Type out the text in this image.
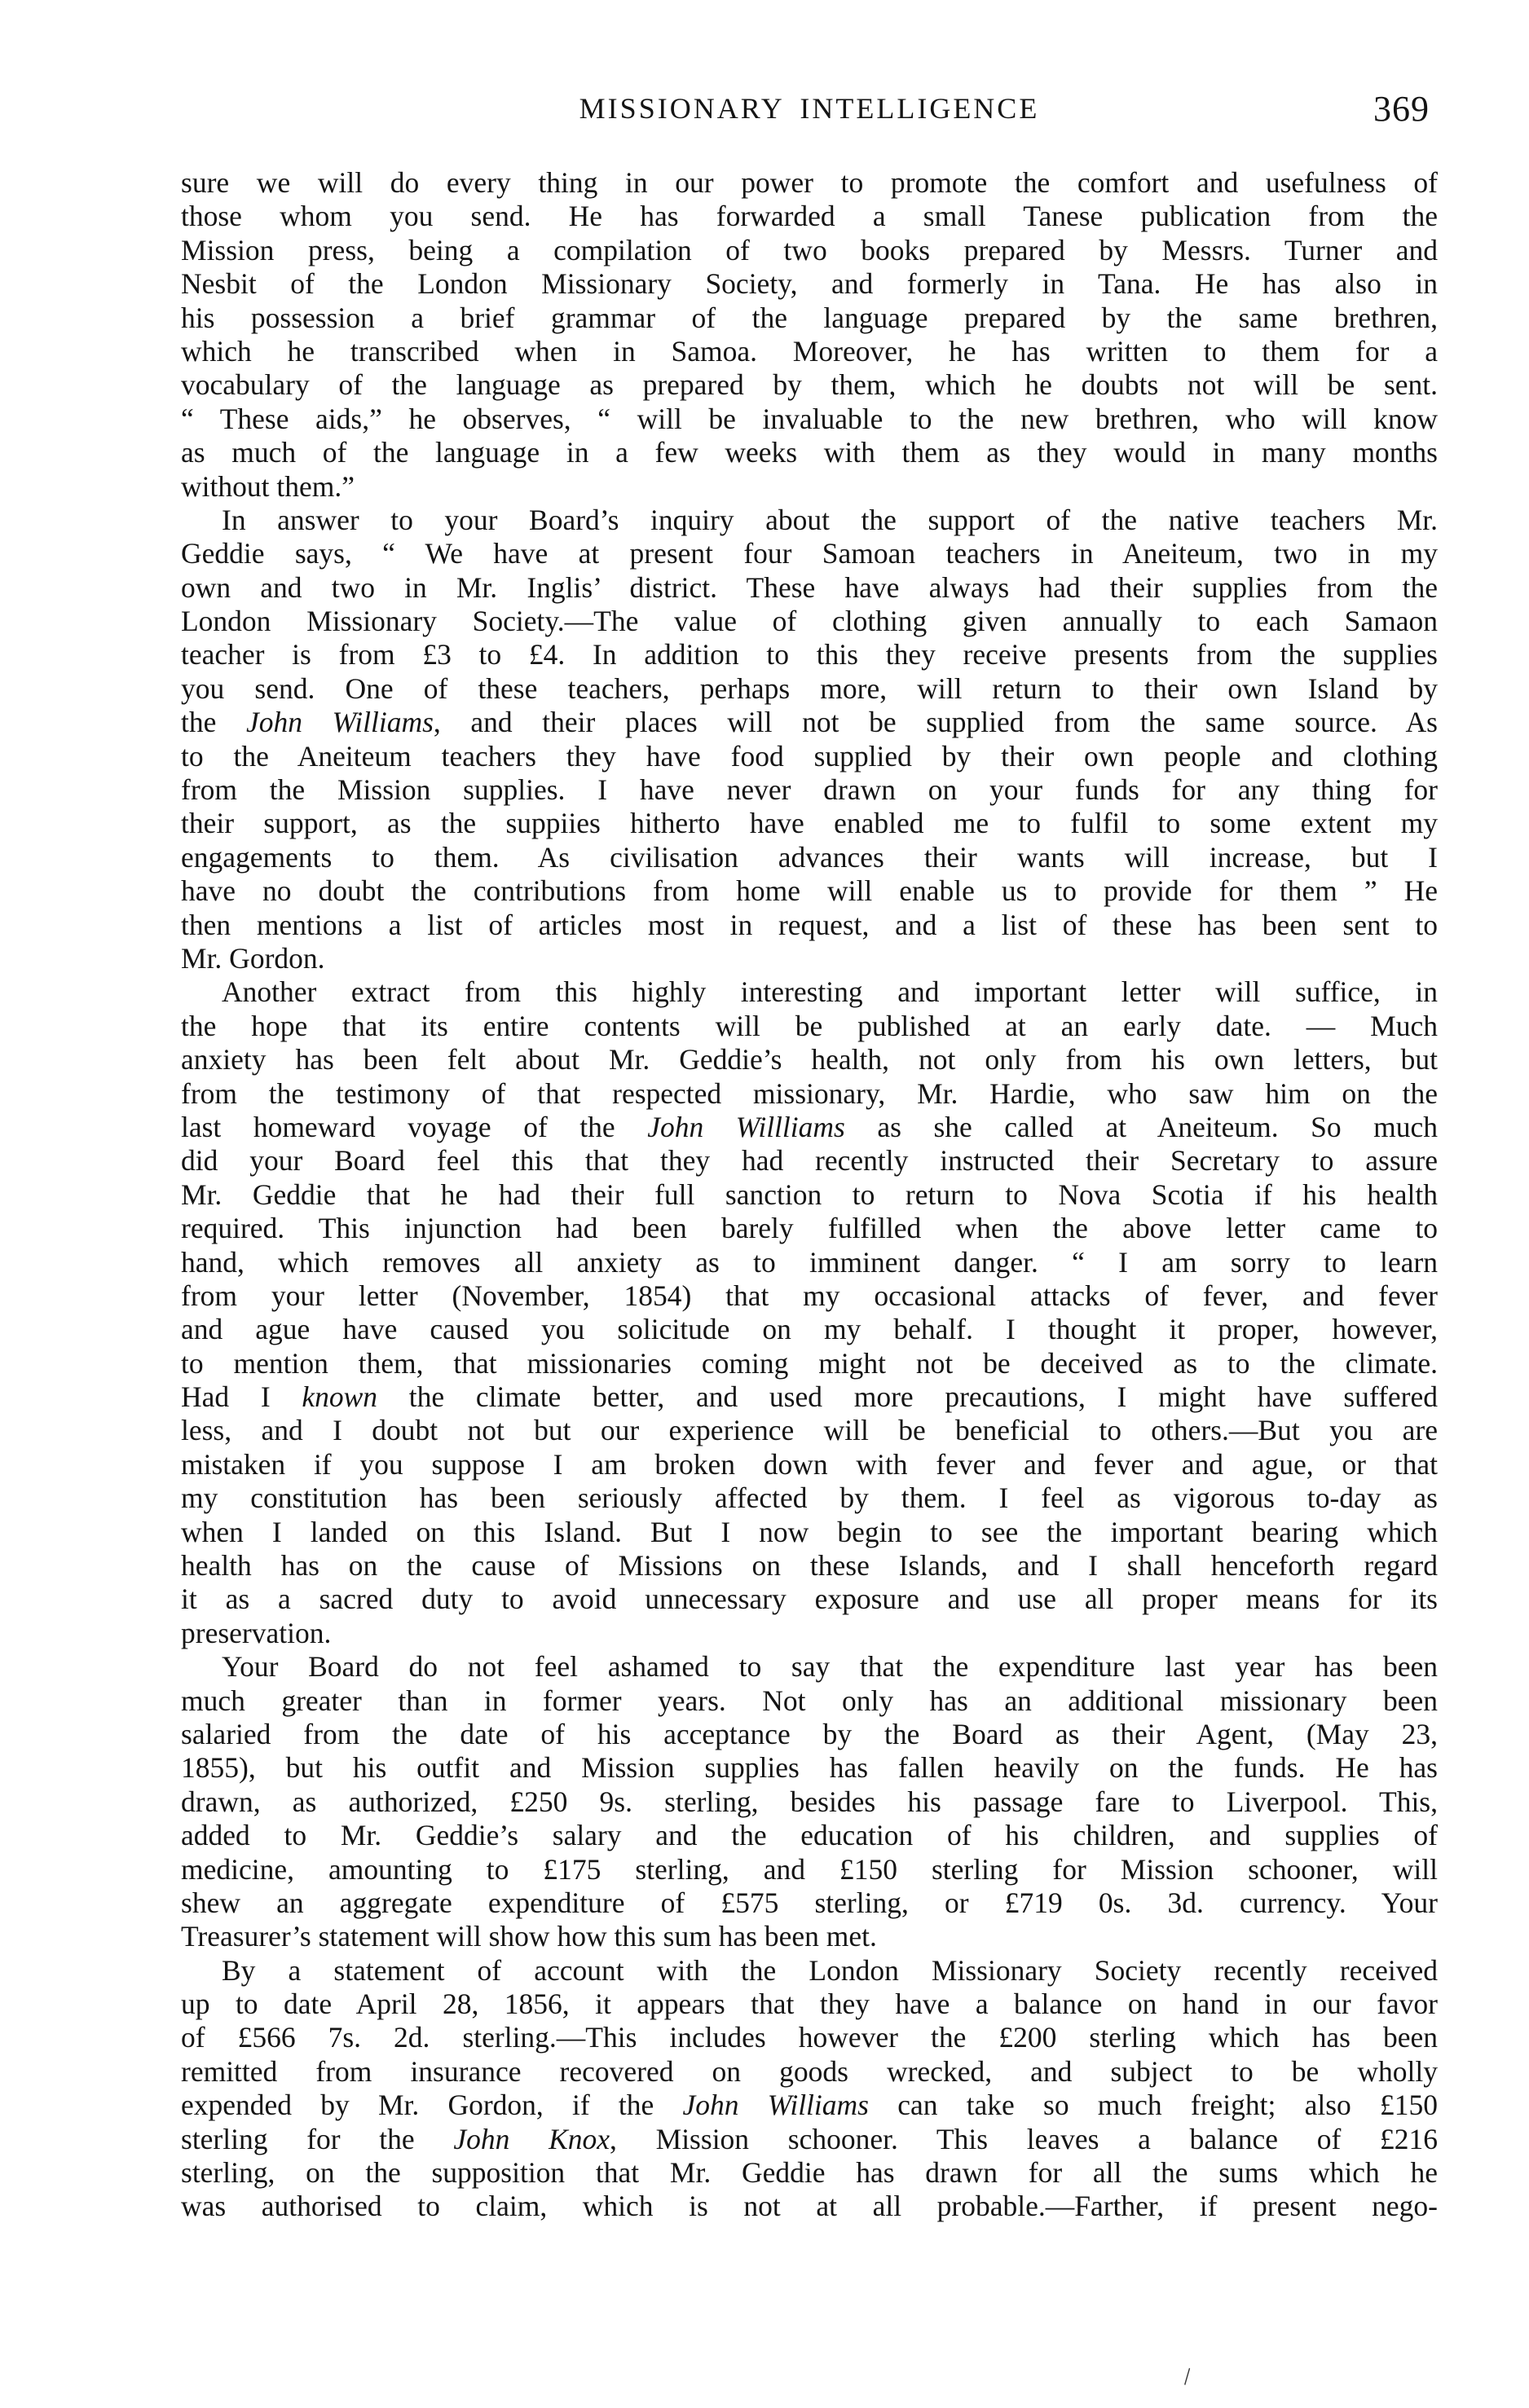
MISSIONARY INTELLIGENCE	369
sure we will do every thing in our power to promote the comfort and usefulness of
those whom you send. He has forwarded a small Tanese publication from the
Mission press, being a compilation of two books prepared by Messrs. Turner and
Nesbit of the London Missionary Society, and formerly in Tana. He has also in
his possession a brief grammar of the language prepared by the same brethren,
which he transcribed when in Samoa. Moreover, he has written to them for a
vocabulary of the language as prepared by them, which he doubts not will be sent.
“ These aids,” he observes, “ will be invaluable to the new brethren, who will know
as much of the language in a few weeks with them as they would in many months
without them.”
In answer to your Board’s inquiry about the support of the native teachers Mr.
Geddie says, “ We have at present four Samoan teachers in Aneiteum, two in my
own and two in Mr. Inglis’ district. These have always had their supplies from the
London Missionary Society.—The value of clothing given annually to each Samaon
teacher is from £3 to £4. In addition to this they receive presents from the supplies
you send. One of these teachers, perhaps more, will return to their own Island by
the John Williams, and their places will not be supplied from the same source. As
to the Aneiteum teachers they have food supplied by their own people and clothing
from the Mission supplies. I have never drawn on your funds for any thing for
their support, as the suppiies hitherto have enabled me to fulfil to some extent my
engagements to them. As civilisation advances their wants will increase, but I
have no doubt the contributions from home will enable us to provide for them ” He
then mentions a list of articles most in request, and a list of these has been sent to
Mr. Gordon.
Another extract from this highly interesting and important letter will suffice, in
the hope that its entire contents will be published at an early date. — Much
anxiety has been felt about Mr. Geddie’s health, not only from his own letters, but
from the testimony of that respected missionary, Mr. Hardie, who saw him on the
last homeward voyage of the John Willliams as she called at Aneiteum. So much
did your Board feel this that they had recently instructed their Secretary to assure
Mr. Geddie that he had their full sanction to return to Nova Scotia if his health
required. This injunction had been barely fulfilled when the above letter came to
hand, which removes all anxiety as to imminent danger. “ I am sorry to learn
from your letter (November, 1854) that my occasional attacks of fever, and fever
and ague have caused you solicitude on my behalf. I thought it proper, however,
to mention them, that missionaries coming might not be deceived as to the climate.
Had I known the climate better, and used more precautions, I might have suffered
less, and I doubt not but our experience will be beneficial to others.—But you are
mistaken if you suppose I am broken down with fever and fever and ague, or that
my constitution has been seriously affected by them. I feel as vigorous to-day as
when I landed on this Island. But I now begin to see the important bearing which
health has on the cause of Missions on these Islands, and I shall henceforth regard
it as a sacred duty to avoid unnecessary exposure and use all proper means for its
preservation.
Your Board do not feel ashamed to say that the expenditure last year has been
much greater than in former years. Not only has an additional missionary been
salaried from the date of his acceptance by the Board as their Agent, (May 23,
1855), but his outfit and Mission supplies has fallen heavily on the funds. He has
drawn, as authorized, £250 9s. sterling, besides his passage fare to Liverpool. This,
added to Mr. Geddie’s salary and the education of his children, and supplies of
medicine, amounting to £175 sterling, and £150 sterling for Mission schooner, will
shew an aggregate expenditure of £575 sterling, or £719 0s. 3d. currency. Your
Treasurer’s statement will show how this sum has been met.
By a statement of account with the London Missionary Society recently received
up to date April 28, 1856, it appears that they have a balance on hand in our favor
of £566 7s. 2d. sterling.—This includes however the £200 sterling which has been
remitted from insurance recovered on goods wrecked, and subject to be wholly
expended by Mr. Gordon, if the John Williams can take so much freight; also £150
sterling for the John Knox, Mission schooner. This leaves a balance of £216
sterling, on the supposition that Mr. Geddie has drawn for all the sums which he
was authorised to claim, which is not at all probable.—Farther, if present nego-
\
